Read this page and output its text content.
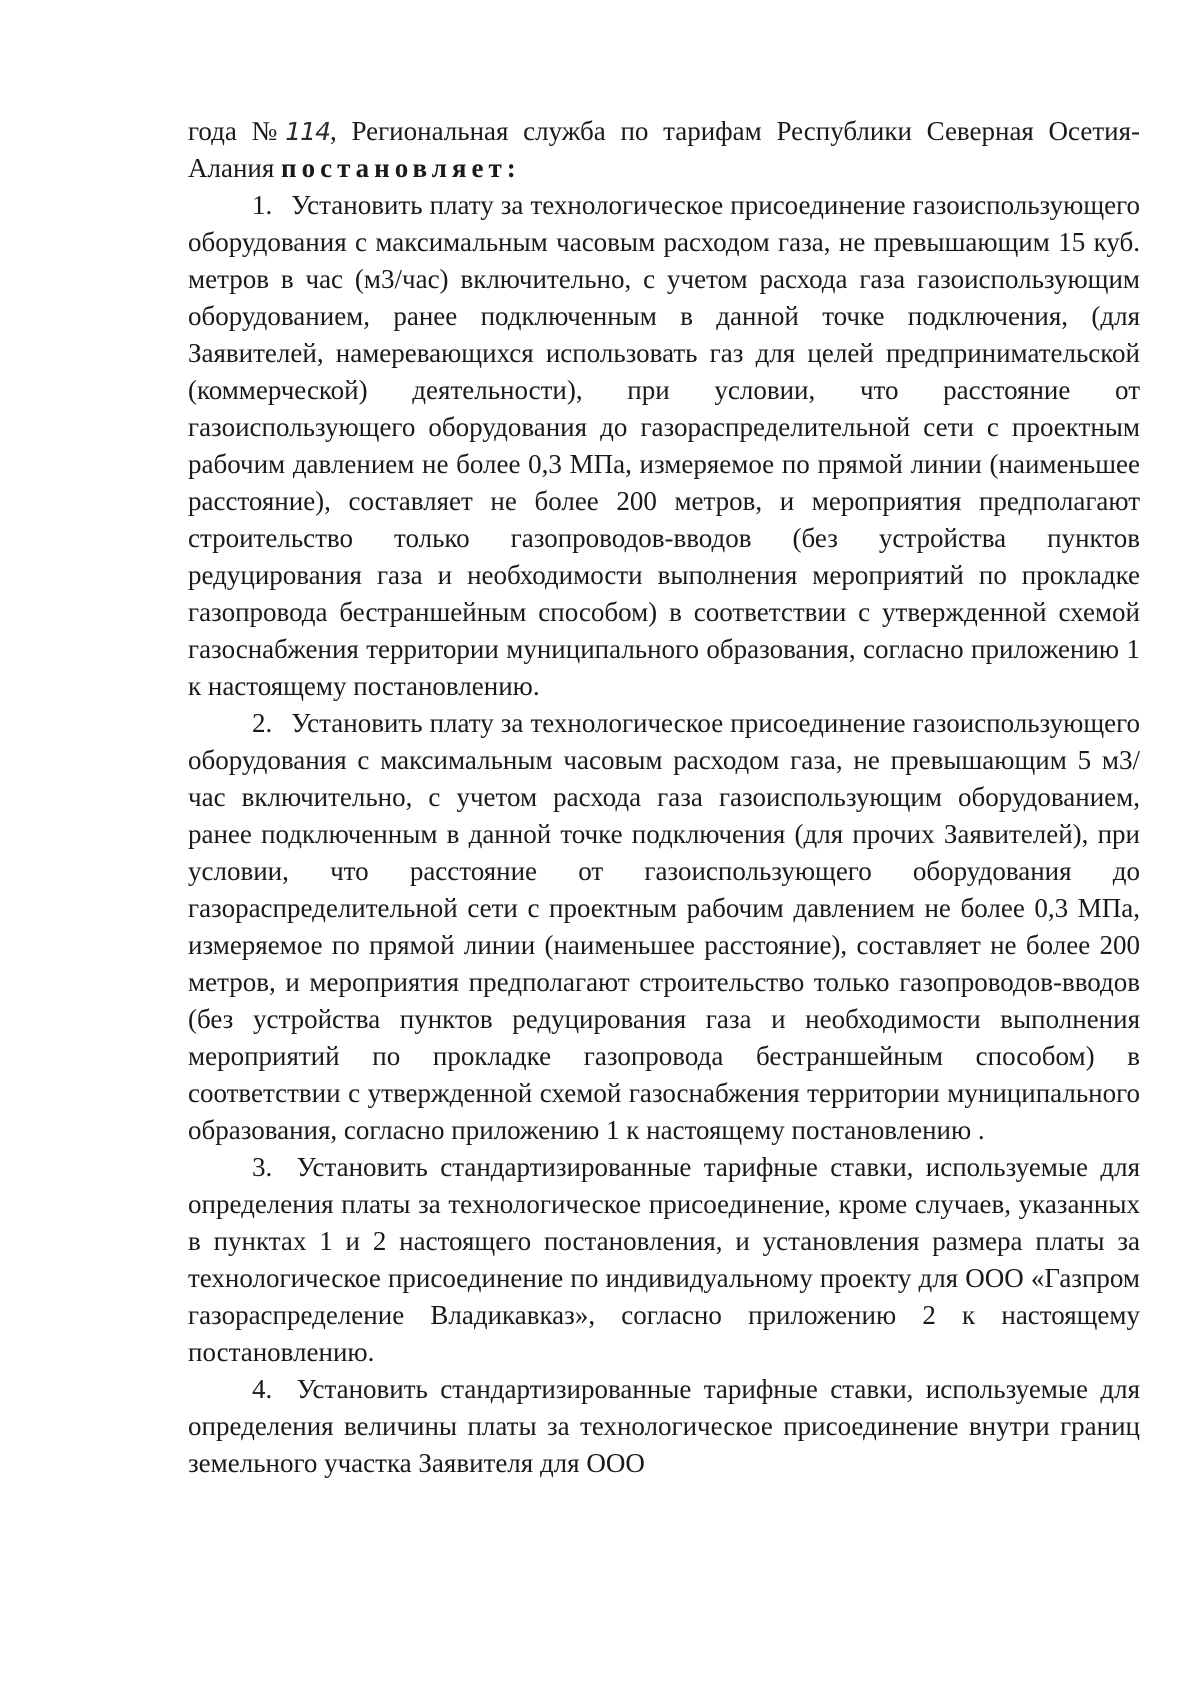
года №114, Региональная служба по тарифам Республики Северная Осетия-Алания постановляет:

1. Установить плату за технологическое присоединение газоиспользующего оборудования с максимальным часовым расходом газа, не превышающим 15 куб. метров в час (м3/час) включительно, с учетом расхода газа газоиспользующим оборудованием, ранее подключенным в данной точке подключения, (для Заявителей, намеревающихся использовать газ для целей предпринимательской (коммерческой) деятельности), при условии, что расстояние от газоиспользующего оборудования до газораспределительной сети с проектным рабочим давлением не более 0,3 МПа, измеряемое по прямой линии (наименьшее расстояние), составляет не более 200 метров, и мероприятия предполагают строительство только газопроводов-вводов (без устройства пунктов редуцирования газа и необходимости выполнения мероприятий по прокладке газопровода бестраншейным способом) в соответствии с утвержденной схемой газоснабжения территории муниципального образования, согласно приложению 1 к настоящему постановлению.

2. Установить плату за технологическое присоединение газоиспользующего оборудования с максимальным часовым расходом газа, не превышающим 5 м3/час включительно, с учетом расхода газа газоиспользующим оборудованием, ранее подключенным в данной точке подключения (для прочих Заявителей), при условии, что расстояние от газоиспользующего оборудования до газораспределительной сети с проектным рабочим давлением не более 0,3 МПа, измеряемое по прямой линии (наименьшее расстояние), составляет не более 200 метров, и мероприятия предполагают строительство только газопроводов-вводов (без устройства пунктов редуцирования газа и необходимости выполнения мероприятий по прокладке газопровода бестраншейным способом) в соответствии с утвержденной схемой газоснабжения территории муниципального образования, согласно приложению 1 к настоящему постановлению .

3. Установить стандартизированные тарифные ставки, используемые для определения платы за технологическое присоединение, кроме случаев, указанных в пунктах 1 и 2 настоящего постановления, и установления размера платы за технологическое присоединение по индивидуальному проекту для ООО «Газпром газораспределение Владикавказ», согласно приложению 2 к настоящему постановлению.

4. Установить стандартизированные тарифные ставки, используемые для определения величины платы за технологическое присоединение внутри границ земельного участка Заявителя для ООО
